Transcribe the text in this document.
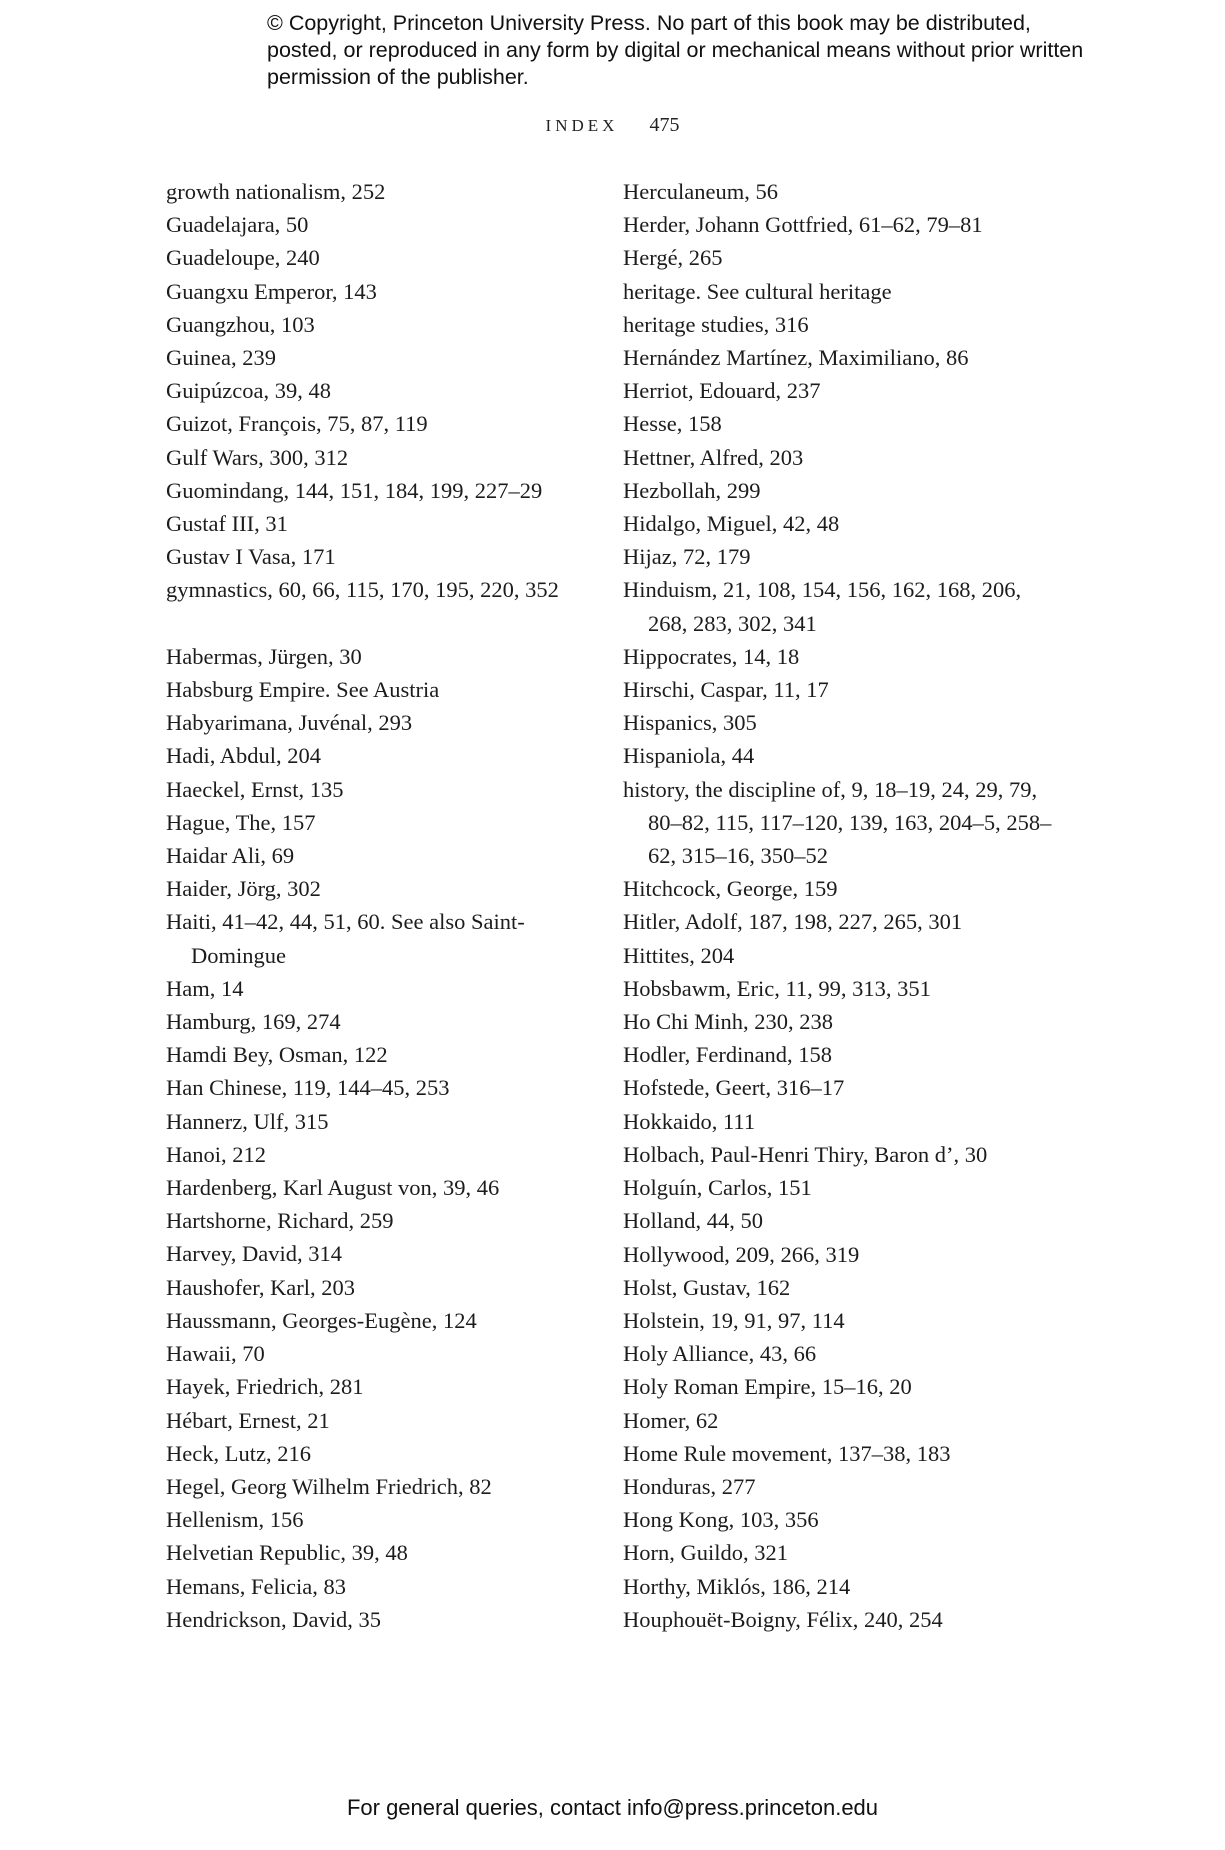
© Copyright, Princeton University Press. No part of this book may be distributed, posted, or reproduced in any form by digital or mechanical means without prior written permission of the publisher.
INDEX 475
growth nationalism, 252
Guadelajara, 50
Guadeloupe, 240
Guangxu Emperor, 143
Guangzhou, 103
Guinea, 239
Guipúzcoa, 39, 48
Guizot, François, 75, 87, 119
Gulf Wars, 300, 312
Guomindang, 144, 151, 184, 199, 227–29
Gustaf III, 31
Gustav I Vasa, 171
gymnastics, 60, 66, 115, 170, 195, 220, 352
Habermas, Jürgen, 30
Habsburg Empire. See Austria
Habyarimana, Juvénal, 293
Hadi, Abdul, 204
Haeckel, Ernst, 135
Hague, The, 157
Haidar Ali, 69
Haider, Jörg, 302
Haiti, 41–42, 44, 51, 60. See also Saint-Domingue
Ham, 14
Hamburg, 169, 274
Hamdi Bey, Osman, 122
Han Chinese, 119, 144–45, 253
Hannerz, Ulf, 315
Hanoi, 212
Hardenberg, Karl August von, 39, 46
Hartshorne, Richard, 259
Harvey, David, 314
Haushofer, Karl, 203
Haussmann, Georges-Eugène, 124
Hawaii, 70
Hayek, Friedrich, 281
Hébart, Ernest, 21
Heck, Lutz, 216
Hegel, Georg Wilhelm Friedrich, 82
Hellenism, 156
Helvetian Republic, 39, 48
Hemans, Felicia, 83
Hendrickson, David, 35
Herculaneum, 56
Herder, Johann Gottfried, 61–62, 79–81
Hergé, 265
heritage. See cultural heritage
heritage studies, 316
Hernández Martínez, Maximiliano, 86
Herriot, Edouard, 237
Hesse, 158
Hettner, Alfred, 203
Hezbollah, 299
Hidalgo, Miguel, 42, 48
Hijaz, 72, 179
Hinduism, 21, 108, 154, 156, 162, 168, 206, 268, 283, 302, 341
Hippocrates, 14, 18
Hirschi, Caspar, 11, 17
Hispanics, 305
Hispaniola, 44
history, the discipline of, 9, 18–19, 24, 29, 79, 80–82, 115, 117–120, 139, 163, 204–5, 258–62, 315–16, 350–52
Hitchcock, George, 159
Hitler, Adolf, 187, 198, 227, 265, 301
Hittites, 204
Hobsbawm, Eric, 11, 99, 313, 351
Ho Chi Minh, 230, 238
Hodler, Ferdinand, 158
Hofstede, Geert, 316–17
Hokkaido, 111
Holbach, Paul-Henri Thiry, Baron d’, 30
Holguín, Carlos, 151
Holland, 44, 50
Hollywood, 209, 266, 319
Holst, Gustav, 162
Holstein, 19, 91, 97, 114
Holy Alliance, 43, 66
Holy Roman Empire, 15–16, 20
Homer, 62
Home Rule movement, 137–38, 183
Honduras, 277
Hong Kong, 103, 356
Horn, Guildo, 321
Horthy, Miklós, 186, 214
Houphouët-Boigny, Félix, 240, 254
For general queries, contact info@press.princeton.edu
